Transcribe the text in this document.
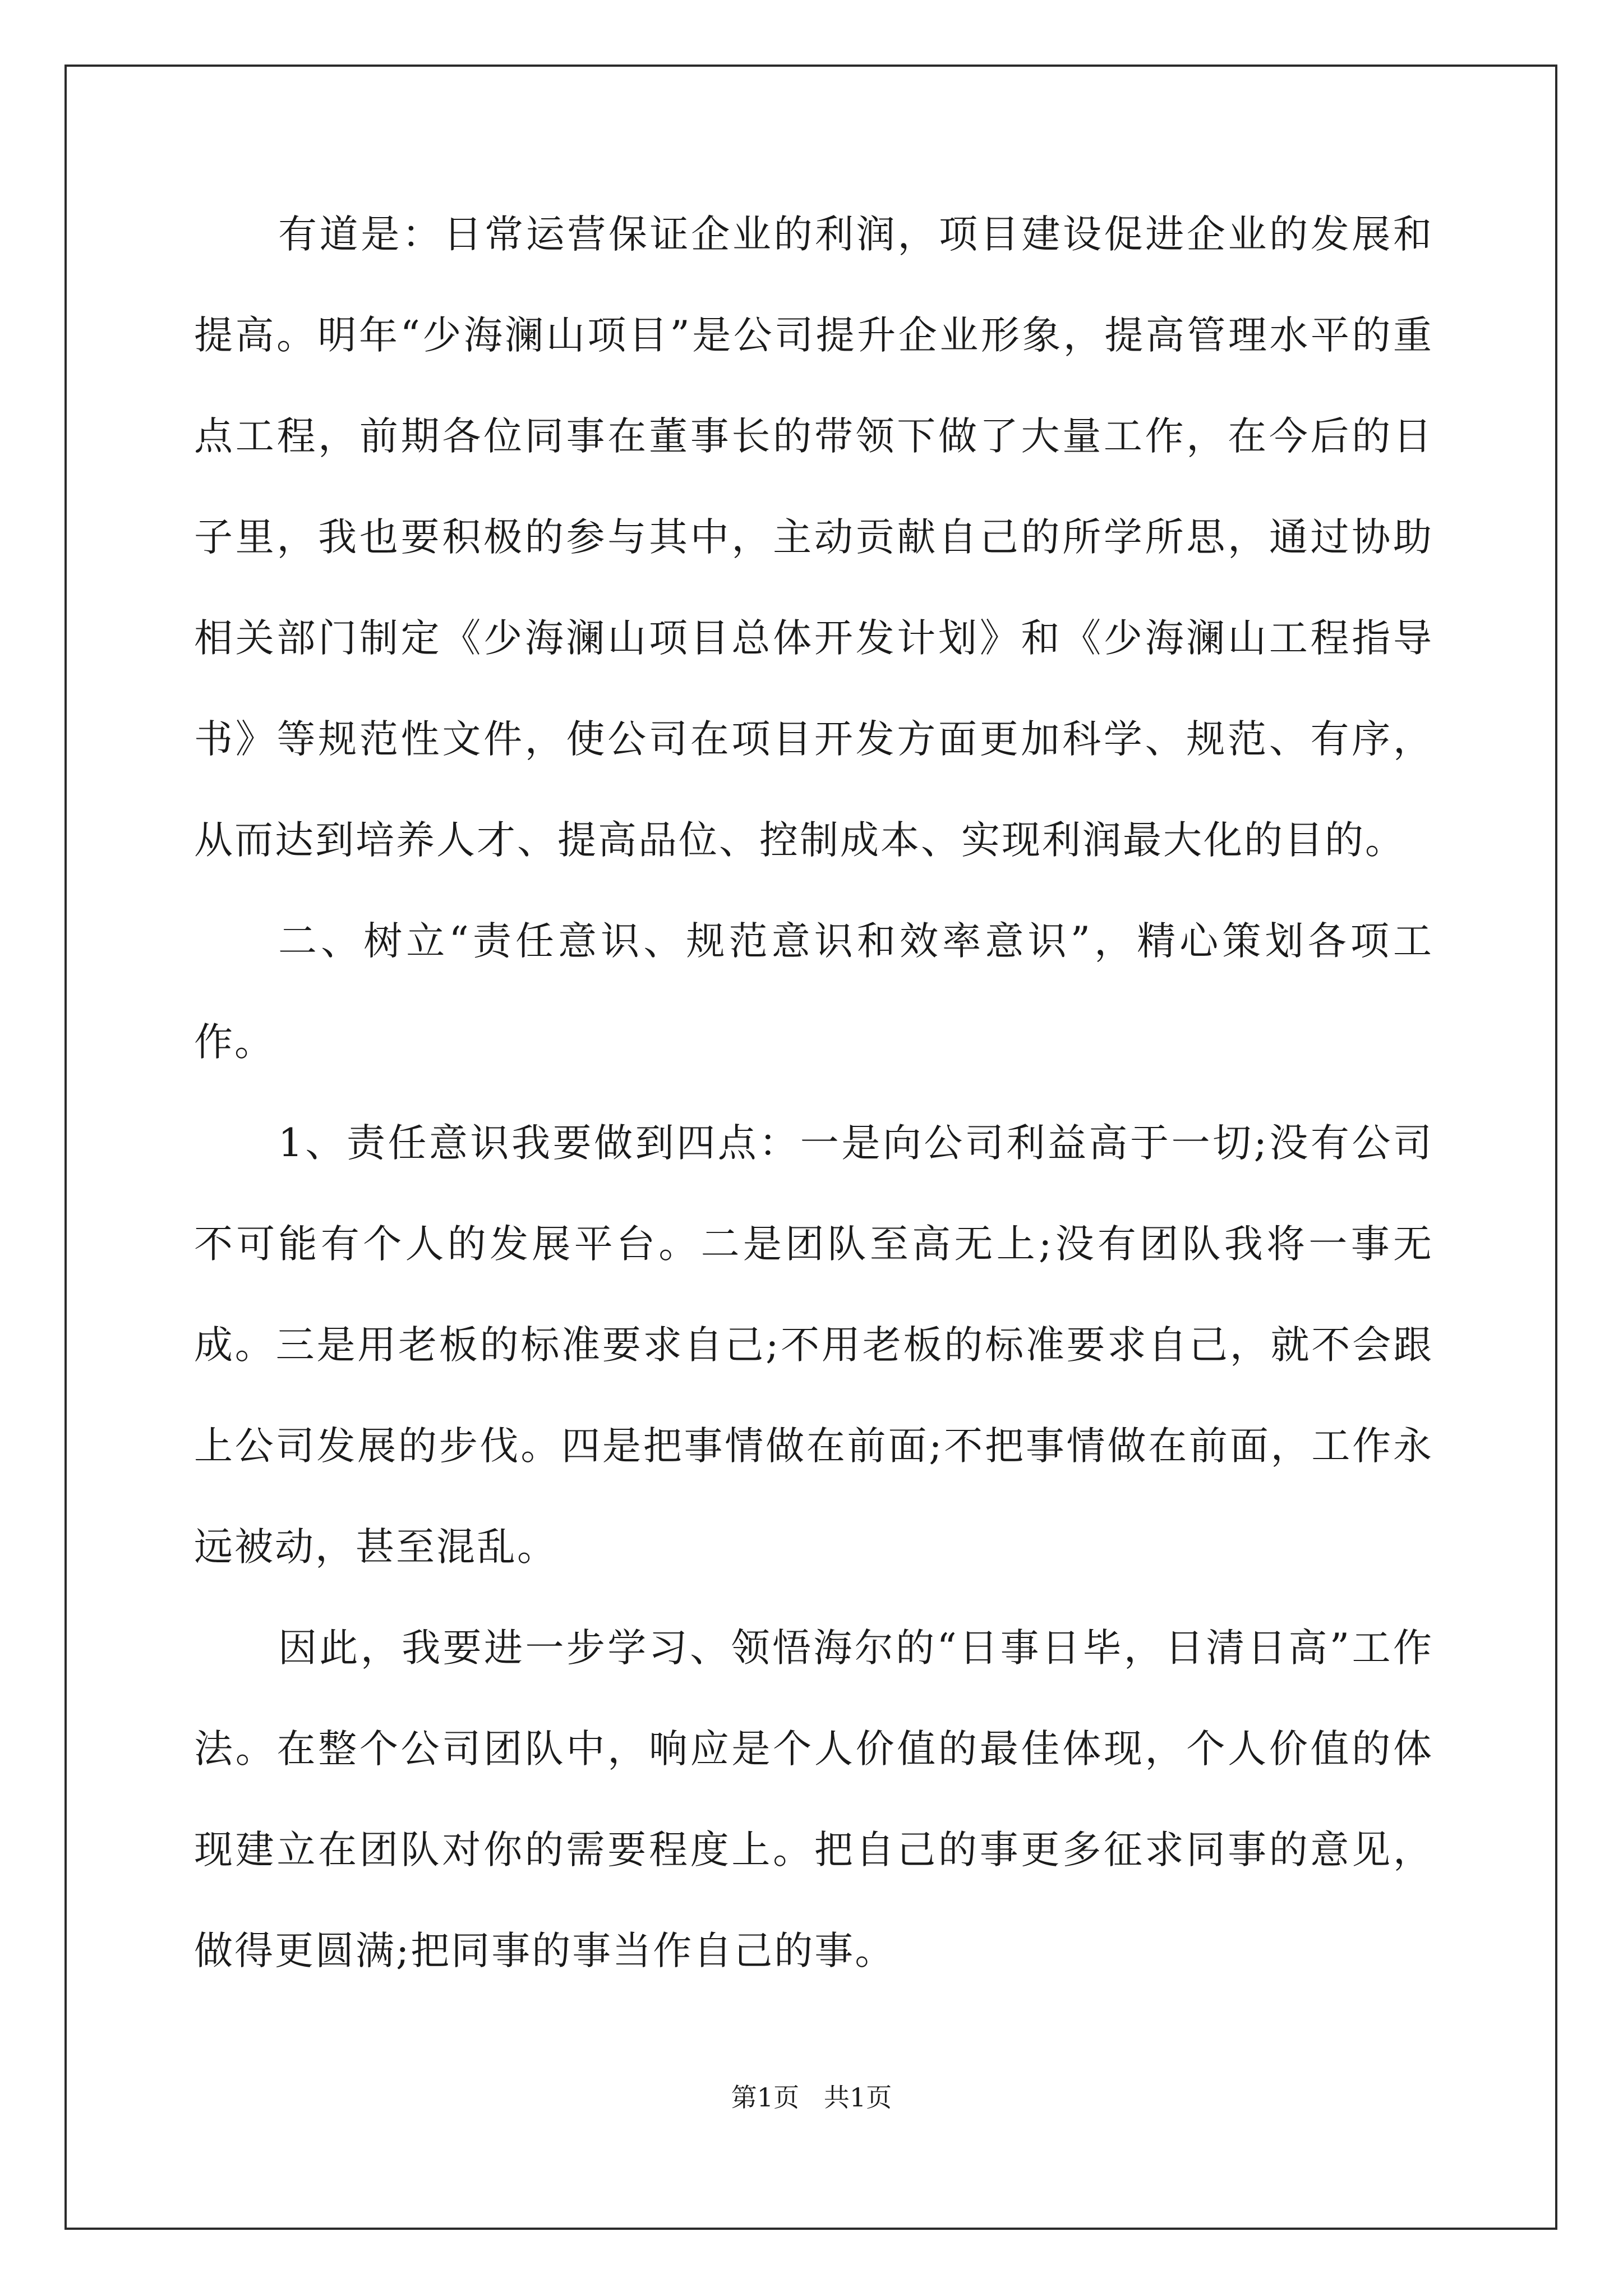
有道是：日常运营保证企业的利润，项目建设促进企业的发展和提高。明年“少海澜山项目”是公司提升企业形象，提高管理水平的重点工程，前期各位同事在董事长的带领下做了大量工作，在今后的日子里，我也要积极的参与其中，主动贡献自己的所学所思，通过协助相关部门制定《少海澜山项目总体开发计划》和《少海澜山工程指导书》等规范性文件，使公司在项目开发方面更加科学、规范、有序，从而达到培养人才、提高品位、控制成本、实现利润最大化的目的。

二、树立“责任意识、规范意识和效率意识”，精心策划各项工作。

1、责任意识我要做到四点：一是向公司利益高于一切;没有公司不可能有个人的发展平台。二是团队至高无上;没有团队我将一事无成。三是用老板的标准要求自己;不用老板的标准要求自己，就不会跟上公司发展的步伐。四是把事情做在前面;不把事情做在前面，工作永远被动，甚至混乱。

因此，我要进一步学习、领悟海尔的“日事日毕，日清日高”工作法。在整个公司团队中，响应是个人价值的最佳体现，个人价值的体现建立在团队对你的需要程度上。把自己的事更多征求同事的意见，做得更圆满;把同事的事当作自己的事。

第1页   共1页
